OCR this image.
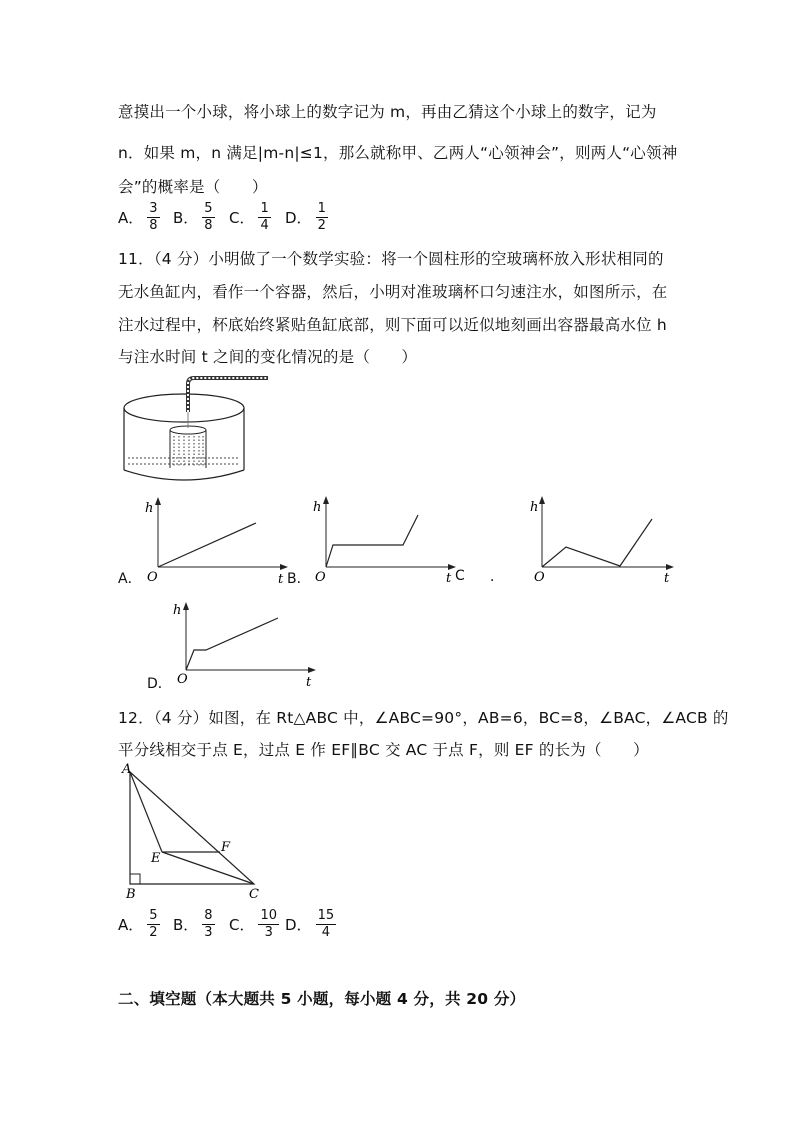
意摸出一个小球，将小球上的数字记为 m，再由乙猜这个小球上的数字，记为
n．如果 m，n 满足|m-n|≤1，那么就称甲、乙两人“心领神会”，则两人“心领神
会”的概率是（　　）
A． $\frac{3}{8}$ B． $\frac{5}{8}$ C． $\frac{1}{4}$ D． $\frac{1}{2}$
11．（4 分）小明做了一个数学实验：将一个圆柱形的空玻璃杯放入形状相同的
无水鱼缸内，看作一个容器，然后，小明对准玻璃杯口匀速注水，如图所示，在
注水过程中，杯底始终紧贴鱼缸底部，则下面可以近似地刻画出容器最高水位 h
与注水时间 t 之间的变化情况的是（　　）
h
O	t
A．
h
O	t
B．	C ．
h
O	t
h
O	t
D．
12．（4 分）如图，在 Rt△ABC 中，∠ABC=90°，AB=6，BC=8，∠BAC，∠ACB 的
平分线相交于点 E，过点 E 作 EF∥BC 交 AC 于点 F，则 EF 的长为（　　）
A
B	C
E
F
A． $\frac{5}{2}$ B． $\frac{8}{3}$ C． $\frac{10}{3}$ D． $\frac{15}{4}$
二、填空题（本大题共 5 小题，每小题 4 分，共 20 分）
